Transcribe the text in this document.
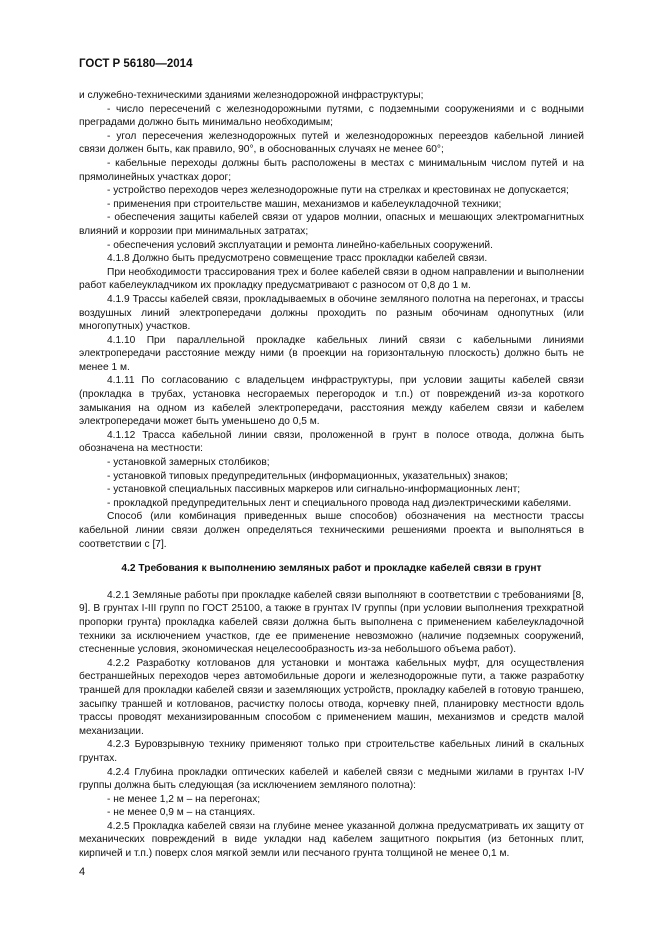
ГОСТ Р 56180—2014

и служебно-техническими зданиями железнодорожной инфраструктуры;

- число пересечений с железнодорожными путями, с подземными сооружениями и с водными преградами должно быть минимально необходимым;

- угол пересечения железнодорожных путей и железнодорожных переездов кабельной линией связи должен быть, как правило, 90°, в обоснованных случаях не менее 60°;

- кабельные переходы должны быть расположены в местах с минимальным числом путей и на прямолинейных участках дорог;

- устройство переходов через железнодорожные пути на стрелках и крестовинах не допускается;

- применения при строительстве машин, механизмов и кабелеукладочной техники;

- обеспечения защиты кабелей связи от ударов молнии, опасных и мешающих электромагнитных влияний и коррозии при минимальных затратах;

- обеспечения условий эксплуатации и ремонта линейно-кабельных сооружений.

4.1.8 Должно быть предусмотрено совмещение трасс прокладки кабелей связи.

При необходимости трассирования трех и более кабелей связи в одном направлении и выполнении работ кабелеукладчиком их прокладку предусматривают с разносом от 0,8 до 1 м.

4.1.9 Трассы кабелей связи, прокладываемых в обочине земляного полотна на перегонах, и трассы воздушных линий электропередачи должны проходить по разным обочинам однопутных (или многопутных) участков.

4.1.10 При параллельной прокладке кабельных линий связи с кабельными линиями электропередачи расстояние между ними (в проекции на горизонтальную плоскость) должно быть не менее 1 м.

4.1.11 По согласованию с владельцем инфраструктуры, при условии защиты кабелей связи (прокладка в трубах, установка несгораемых перегородок и т.п.) от повреждений из-за короткого замыкания на одном из кабелей электропередачи, расстояния между кабелем связи и кабелем электропередачи может быть уменьшено до 0,5 м.

4.1.12 Трасса кабельной линии связи, проложенной в грунт в полосе отвода, должна быть обозначена на местности:

- установкой замерных столбиков;

- установкой типовых предупредительных (информационных, указательных) знаков;

- установкой специальных пассивных маркеров или сигнально-информационных лент;

- прокладкой предупредительных лент и специального провода над диэлектрическими кабелями.

Способ (или комбинация приведенных выше способов) обозначения на местности трассы кабельной линии связи должен определяться техническими решениями проекта и выполняться в соответствии с [7].

4.2 Требования к выполнению земляных работ и прокладке кабелей связи в грунт

4.2.1 Земляные работы при прокладке кабелей связи выполняют в соответствии с требованиями [8, 9]. В грунтах I-III групп по ГОСТ 25100, а также в грунтах IV группы (при условии выполнения трехкратной пропорки грунта) прокладка кабелей связи должна быть выполнена с применением кабелеукладочной техники за исключением участков, где ее применение невозможно (наличие подземных сооружений, стесненные условия, экономическая нецелесообразность из-за небольшого объема работ).

4.2.2 Разработку котлованов для установки и монтажа кабельных муфт, для осуществления бестраншейных переходов через автомобильные дороги и железнодорожные пути, а также разработку траншей для прокладки кабелей связи и заземляющих устройств, прокладку кабелей в готовую траншею, засыпку траншей и котлованов, расчистку полосы отвода, корчевку пней, планировку местности вдоль трассы проводят механизированным способом с применением машин, механизмов и средств малой механизации.

4.2.3 Буровзрывную технику применяют только при строительстве кабельных линий в скальных грунтах.

4.2.4 Глубина прокладки оптических кабелей и кабелей связи с медными жилами в грунтах I-IV группы должна быть следующая (за исключением земляного полотна):

- не менее 1,2 м – на перегонах;

- не менее 0,9 м – на станциях.

4.2.5 Прокладка кабелей связи на глубине менее указанной должна предусматривать их защиту от механических повреждений в виде укладки над кабелем защитного покрытия (из бетонных плит, кирпичей и т.п.) поверх слоя мягкой земли или песчаного грунта толщиной не менее 0,1 м.

4
